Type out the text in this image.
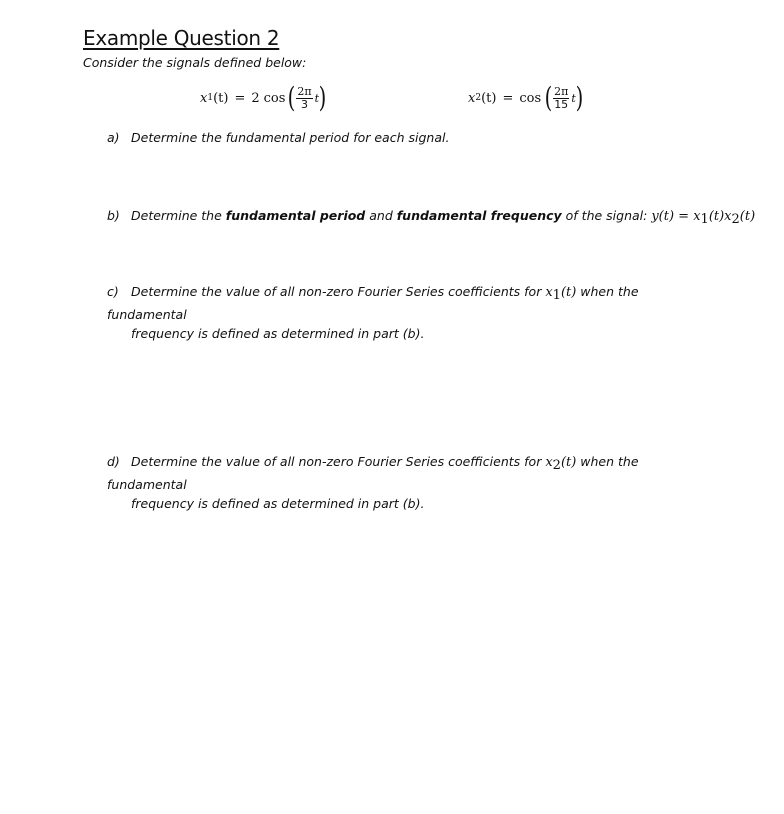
Example Question 2
Consider the signals defined below:
x 1 (t) = 2 cos ( $\frac{2\pi}{3}$ t )	x 2 (t) = cos ( $\frac{2\pi}{15}$ t )
a) Determine the fundamental period for each signal.
b) Determine the fundamental period and fundamental frequency of the signal: y(t) = x1(t)x2(t)
c) Determine the value of all non-zero Fourier Series coefficients for x1(t) when the fundamental
frequency is defined as determined in part (b).
d) Determine the value of all non-zero Fourier Series coefficients for x2(t) when the fundamental
frequency is defined as determined in part (b).
